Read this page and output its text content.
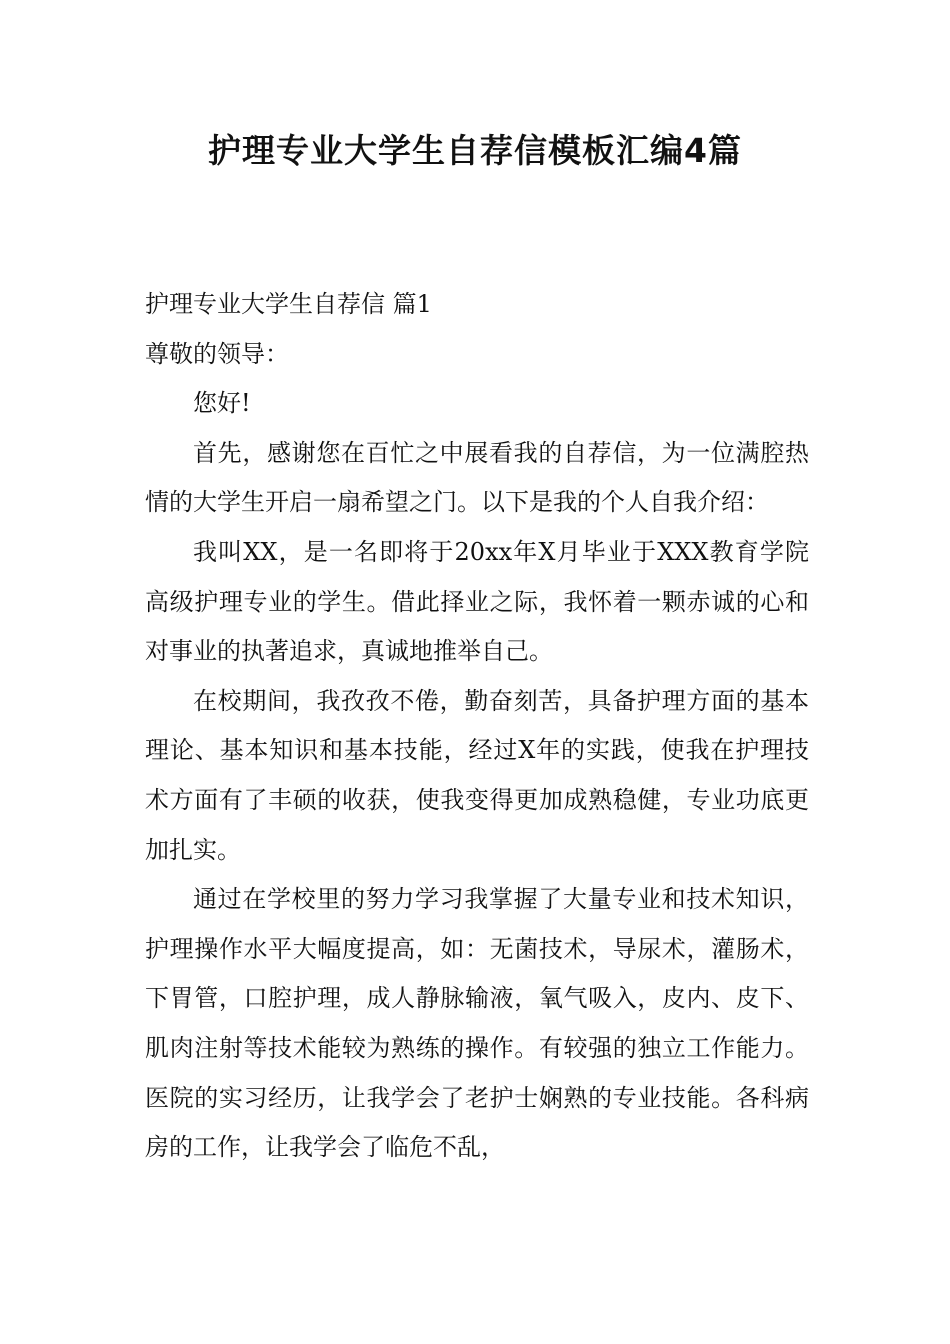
护理专业大学生自荐信模板汇编4篇

护理专业大学生自荐信 篇1

尊敬的领导：

您好!

首先，感谢您在百忙之中展看我的自荐信，为一位满腔热情的大学生开启一扇希望之门。以下是我的个人自我介绍：

我叫XX，是一名即将于20xx年X月毕业于XXX教育学院高级护理专业的学生。借此择业之际，我怀着一颗赤诚的心和对事业的执著追求，真诚地推举自己。

在校期间，我孜孜不倦，勤奋刻苦，具备护理方面的基本理论、基本知识和基本技能，经过X年的实践，使我在护理技术方面有了丰硕的收获，使我变得更加成熟稳健，专业功底更加扎实。

通过在学校里的努力学习我掌握了大量专业和技术知识，护理操作水平大幅度提高，如：无菌技术，导尿术，灌肠术，下胃管，口腔护理，成人静脉输液，氧气吸入，皮内、皮下、肌肉注射等技术能较为熟练的操作。有较强的独立工作能力。医院的实习经历，让我学会了老护士娴熟的专业技能。各科病房的工作，让我学会了临危不乱，
